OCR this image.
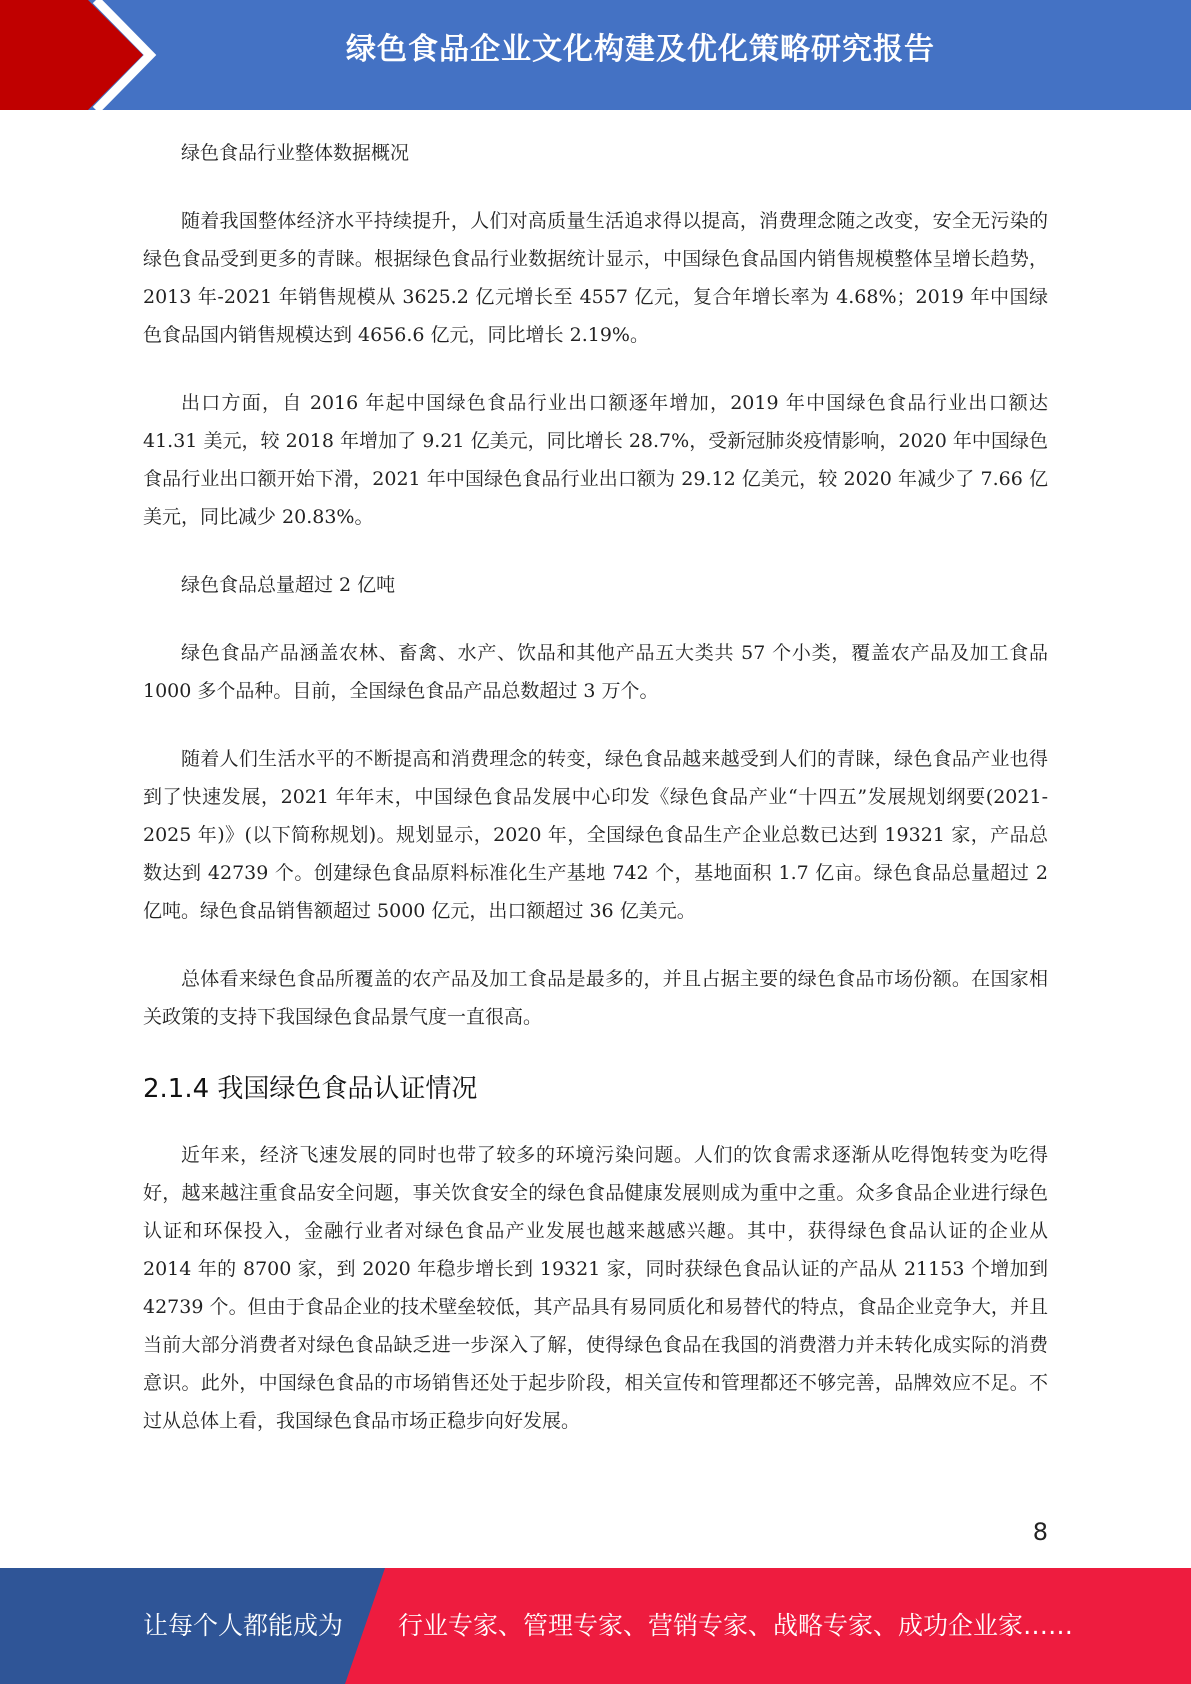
绿色食品企业文化构建及优化策略研究报告

绿色食品行业整体数据概况

随着我国整体经济水平持续提升，人们对高质量生活追求得以提高，消费理念随之改变，安全无污染的绿色食品受到更多的青睐。根据绿色食品行业数据统计显示，中国绿色食品国内销售规模整体呈增长趋势，2013 年-2021 年销售规模从 3625.2 亿元增长至 4557 亿元，复合年增长率为 4.68%；2019 年中国绿色食品国内销售规模达到 4656.6 亿元，同比增长 2.19%。

出口方面，自 2016 年起中国绿色食品行业出口额逐年增加，2019 年中国绿色食品行业出口额达 41.31 美元，较 2018 年增加了 9.21 亿美元，同比增长 28.7%，受新冠肺炎疫情影响，2020 年中国绿色食品行业出口额开始下滑，2021 年中国绿色食品行业出口额为 29.12 亿美元，较 2020 年减少了 7.66 亿美元，同比减少 20.83%。

绿色食品总量超过 2 亿吨

绿色食品产品涵盖农林、畜禽、水产、饮品和其他产品五大类共 57 个小类，覆盖农产品及加工食品 1000 多个品种。目前，全国绿色食品产品总数超过 3 万个。

随着人们生活水平的不断提高和消费理念的转变，绿色食品越来越受到人们的青睐，绿色食品产业也得到了快速发展，2021 年年末，中国绿色食品发展中心印发《绿色食品产业“十四五”发展规划纲要(2021-2025 年)》(以下简称规划)。规划显示，2020 年，全国绿色食品生产企业总数已达到 19321 家，产品总数达到 42739 个。创建绿色食品原料标准化生产基地 742 个，基地面积 1.7 亿亩。绿色食品总量超过 2 亿吨。绿色食品销售额超过 5000 亿元，出口额超过 36 亿美元。

总体看来绿色食品所覆盖的农产品及加工食品是最多的，并且占据主要的绿色食品市场份额。在国家相关政策的支持下我国绿色食品景气度一直很高。

2.1.4 我国绿色食品认证情况

近年来，经济飞速发展的同时也带了较多的环境污染问题。人们的饮食需求逐渐从吃得饱转变为吃得好，越来越注重食品安全问题，事关饮食安全的绿色食品健康发展则成为重中之重。众多食品企业进行绿色认证和环保投入，金融行业者对绿色食品产业发展也越来越感兴趣。其中，获得绿色食品认证的企业从 2014 年的 8700 家，到 2020 年稳步增长到 19321 家，同时获绿色食品认证的产品从 21153 个增加到 42739 个。但由于食品企业的技术壁垒较低，其产品具有易同质化和易替代的特点，食品企业竞争大，并且当前大部分消费者对绿色食品缺乏进一步深入了解，使得绿色食品在我国的消费潜力并未转化成实际的消费意识。此外，中国绿色食品的市场销售还处于起步阶段，相关宣传和管理都还不够完善，品牌效应不足。不过从总体上看，我国绿色食品市场正稳步向好发展。

8
让每个人都能成为 行业专家、管理专家、营销专家、战略专家、成功企业家……
